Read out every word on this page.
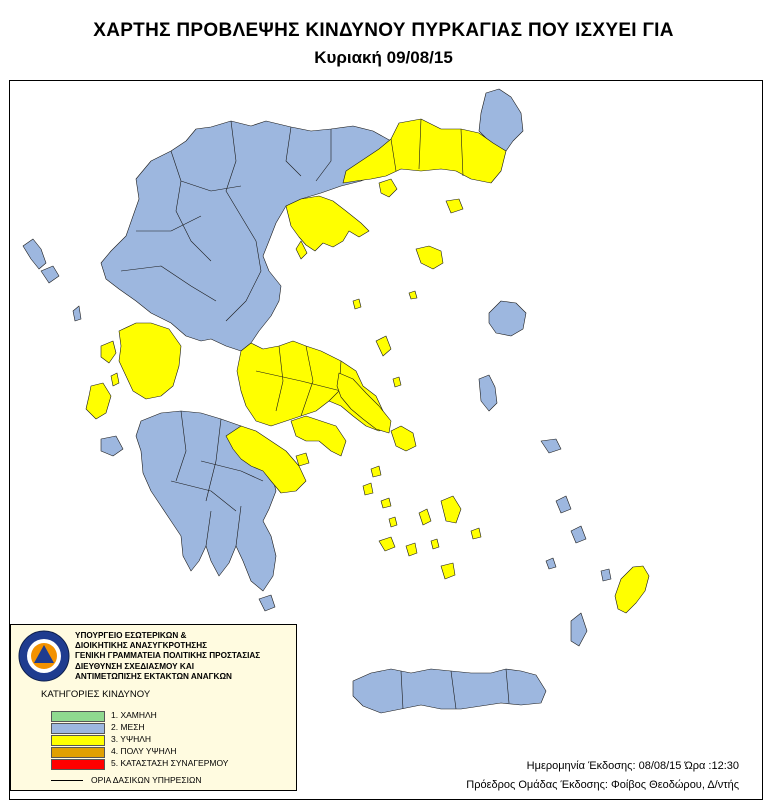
ΧΑΡΤΗΣ ΠΡΟΒΛΕΨΗΣ ΚΙΝΔΥΝΟΥ ΠΥΡΚΑΓΙΑΣ ΠΟΥ ΙΣΧΥΕΙ ΓΙΑ
Κυριακή 09/08/15
ΥΠΟΥΡΓΕΙΟ ΕΣΩΤΕΡΙΚΩΝ &
ΔΙΟΙΚΗΤΙΚΗΣ ΑΝΑΣΥΓΚΡΟΤΗΣΗΣ
ΓΕΝΙΚΗ ΓΡΑΜΜΑΤΕΙΑ ΠΟΛΙΤΙΚΗΣ ΠΡΟΣΤΑΣΙΑΣ
ΔΙΕΥΘΥΝΣΗ ΣΧΕΔΙΑΣΜΟΥ ΚΑΙ
ΑΝΤΙΜΕΤΩΠΙΣΗΣ ΕΚΤΑΚΤΩΝ ΑΝΑΓΚΩΝ
ΚΑΤΗΓΟΡΙΕΣ ΚΙΝΔΥΝΟΥ
1. ΧΑΜΗΛΗ
2. ΜΕΣΗ
3. ΥΨΗΛΗ
4. ΠΟΛΥ ΥΨΗΛΗ
5. ΚΑΤΑΣΤΑΣΗ ΣΥΝΑΓΕΡΜΟΥ
ΟΡΙΑ ΔΑΣΙΚΩΝ ΥΠΗΡΕΣΙΩΝ
Ημερομηνία Έκδοσης: 08/08/15 Ώρα :12:30
Πρόεδρος Ομάδας Έκδοσης: Φοίβος Θεοδώρου, Δ/ντής
